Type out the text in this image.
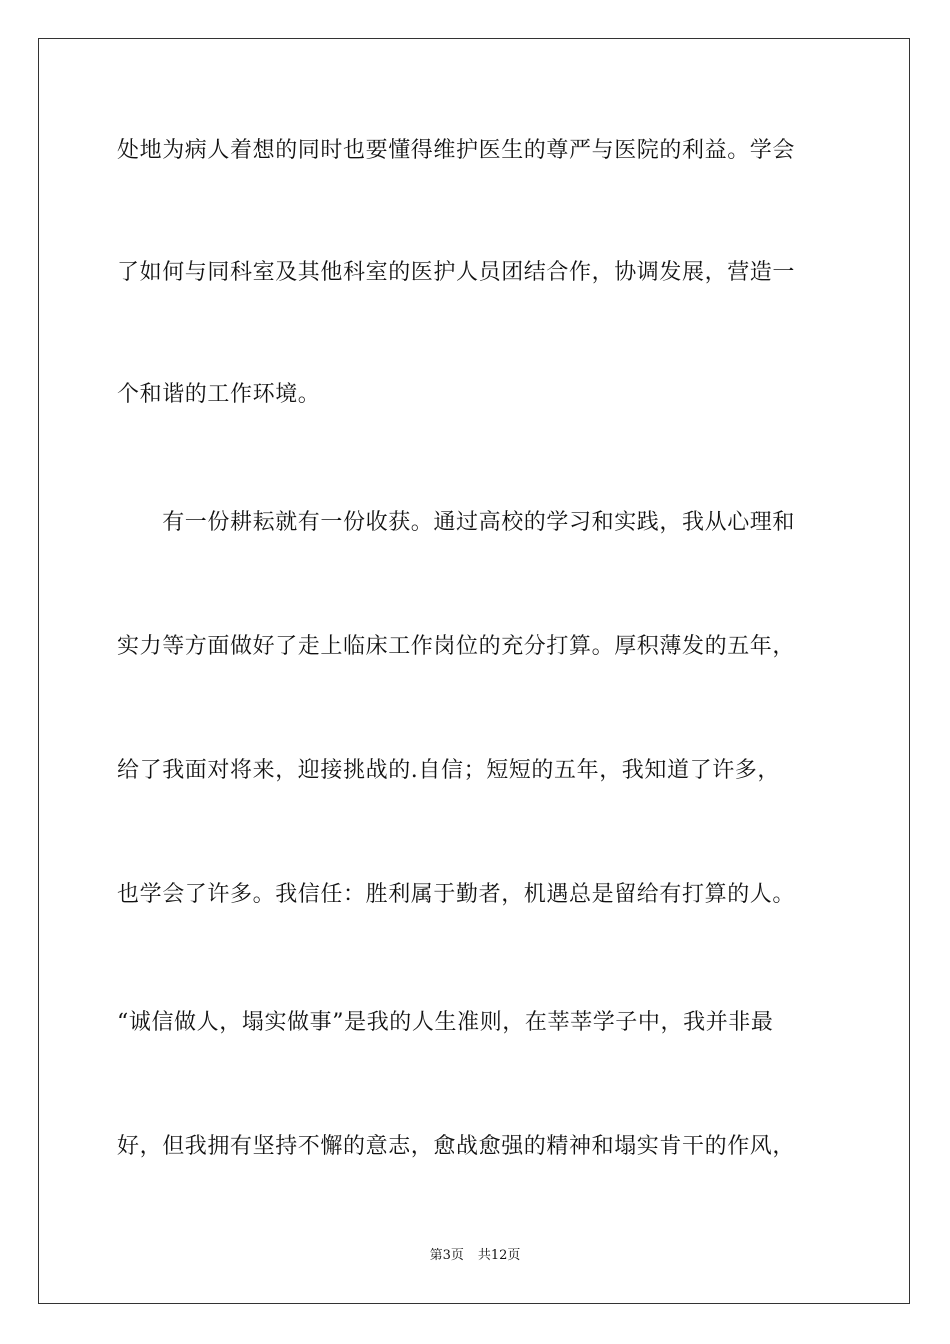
处地为病人着想的同时也要懂得维护医生的尊严与医院的利益。学会
了如何与同科室及其他科室的医护人员团结合作，协调发展，营造一
个和谐的工作环境。
　　有一份耕耘就有一份收获。通过高校的学习和实践，我从心理和
实力等方面做好了走上临床工作岗位的充分打算。厚积薄发的五年，
给了我面对将来，迎接挑战的.自信；短短的五年，我知道了许多，
也学会了许多。我信任：胜利属于勤者，机遇总是留给有打算的人。
“诚信做人，塌实做事”是我的人生准则，在莘莘学子中，我并非最
好，但我拥有坚持不懈的意志，愈战愈强的精神和塌实肯干的作风，
第3页 共12页
